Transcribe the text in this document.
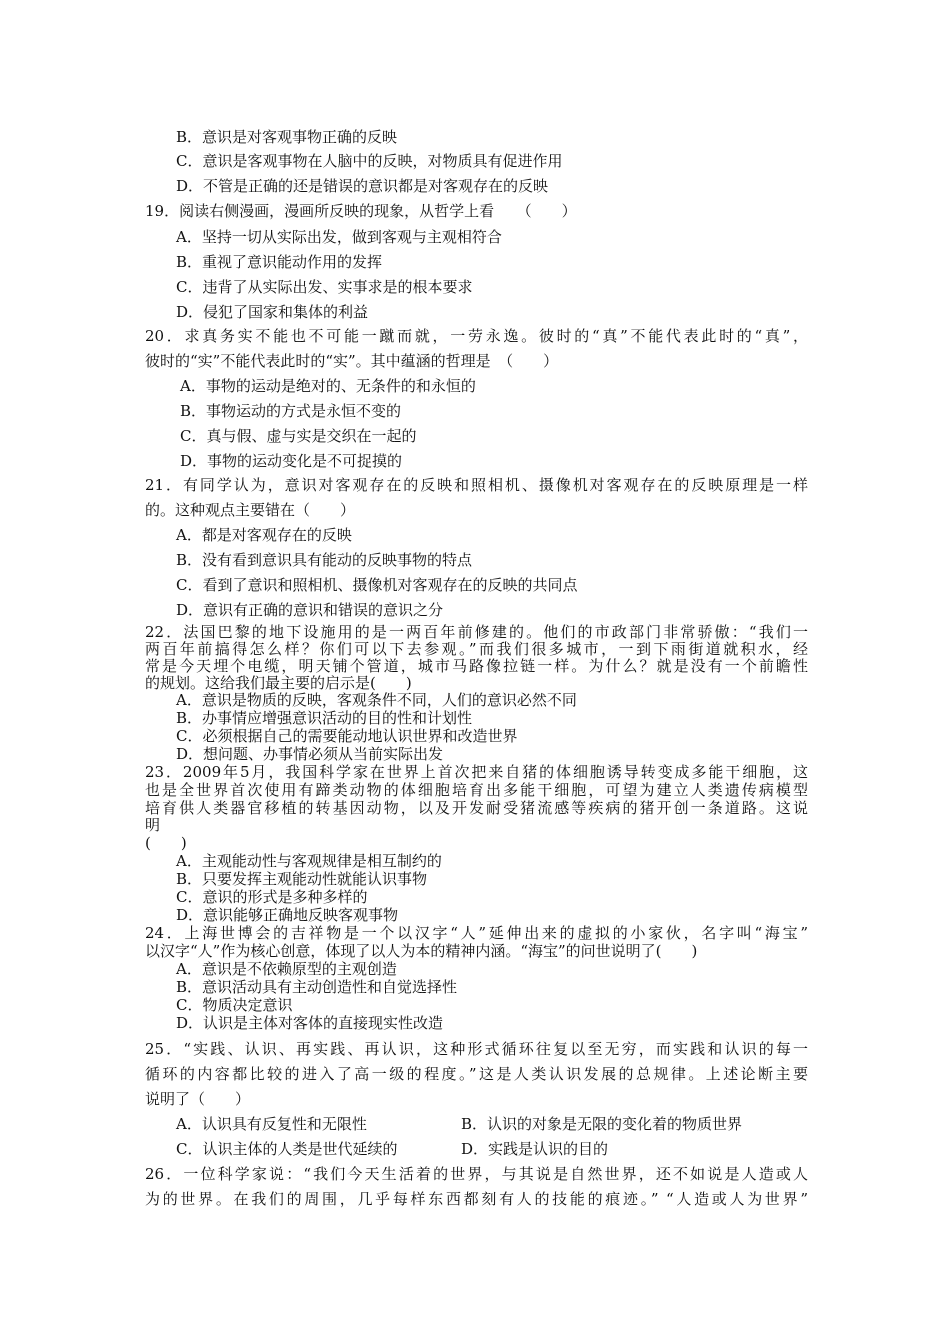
B．意识是对客观事物正确的反映

C．意识是客观事物在人脑中的反映，对物质具有促进作用

D．不管是正确的还是错误的意识都是对客观存在的反映

19．阅读右侧漫画，漫画所反映的现象，从哲学上看　　（　　）

A．坚持一切从实际出发，做到客观与主观相符合

B．重视了意识能动作用的发挥

C．违背了从实际出发、实事求是的根本要求

D．侵犯了国家和集体的利益

20．求真务实不能也不可能一蹴而就，一劳永逸。彼时的“真”不能代表此时的“真”，

彼时的“实”不能代表此时的“实”。其中蕴涵的哲理是　（　　）

A．事物的运动是绝对的、无条件的和永恒的

B．事物运动的方式是永恒不变的

C．真与假、虚与实是交织在一起的

D．事物的运动变化是不可捉摸的

21．有同学认为，意识对客观存在的反映和照相机、摄像机对客观存在的反映原理是一样

的。这种观点主要错在（　　）

A．都是对客观存在的反映

B．没有看到意识具有能动的反映事物的特点

C．看到了意识和照相机、摄像机对客观存在的反映的共同点

D．意识有正确的意识和错误的意识之分

22．法国巴黎的地下设施用的是一两百年前修建的。他们的市政部门非常骄傲：“我们一

两百年前搞得怎么样？你们可以下去参观。”而我们很多城市，一到下雨街道就积水，经

常是今天埋个电缆，明天铺个管道，城市马路像拉链一样。为什么？就是没有一个前瞻性

的规划。这给我们最主要的启示是(　　)

A．意识是物质的反映，客观条件不同，人们的意识必然不同

B．办事情应增强意识活动的目的性和计划性

C．必须根据自己的需要能动地认识世界和改造世界

D．想问题、办事情必须从当前实际出发

23．2009年5月，我国科学家在世界上首次把来自猪的体细胞诱导转变成多能干细胞，这

也是全世界首次使用有蹄类动物的体细胞培育出多能干细胞，可望为建立人类遗传病模型

培育供人类器官移植的转基因动物，以及开发耐受猪流感等疾病的猪开创一条道路。这说

明

(　　)

A．主观能动性与客观规律是相互制约的

B．只要发挥主观能动性就能认识事物

C．意识的形式是多种多样的

D．意识能够正确地反映客观事物

24．上海世博会的吉祥物是一个以汉字“人”延伸出来的虚拟的小家伙，名字叫“海宝”

以汉字“人”作为核心创意，体现了以人为本的精神内涵。“海宝”的问世说明了(　　)

A．意识是不依赖原型的主观创造

B．意识活动具有主动创造性和自觉选择性

C．物质决定意识

D．认识是主体对客体的直接现实性改造

25．“实践、认识、再实践、再认识，这种形式循环往复以至无穷，而实践和认识的每一

循环的内容都比较的进入了高一级的程度。”这是人类认识发展的总规律。上述论断主要

说明了（　　）

A．认识具有反复性和无限性	B．认识的对象是无限的变化着的物质世界

C．认识主体的人类是世代延续的	D．实践是认识的目的

26．一位科学家说：“我们今天生活着的世界，与其说是自然世界，还不如说是人造或人

为的世界。在我们的周围，几乎每样东西都刻有人的技能的痕迹。” “人造或人为世界”
